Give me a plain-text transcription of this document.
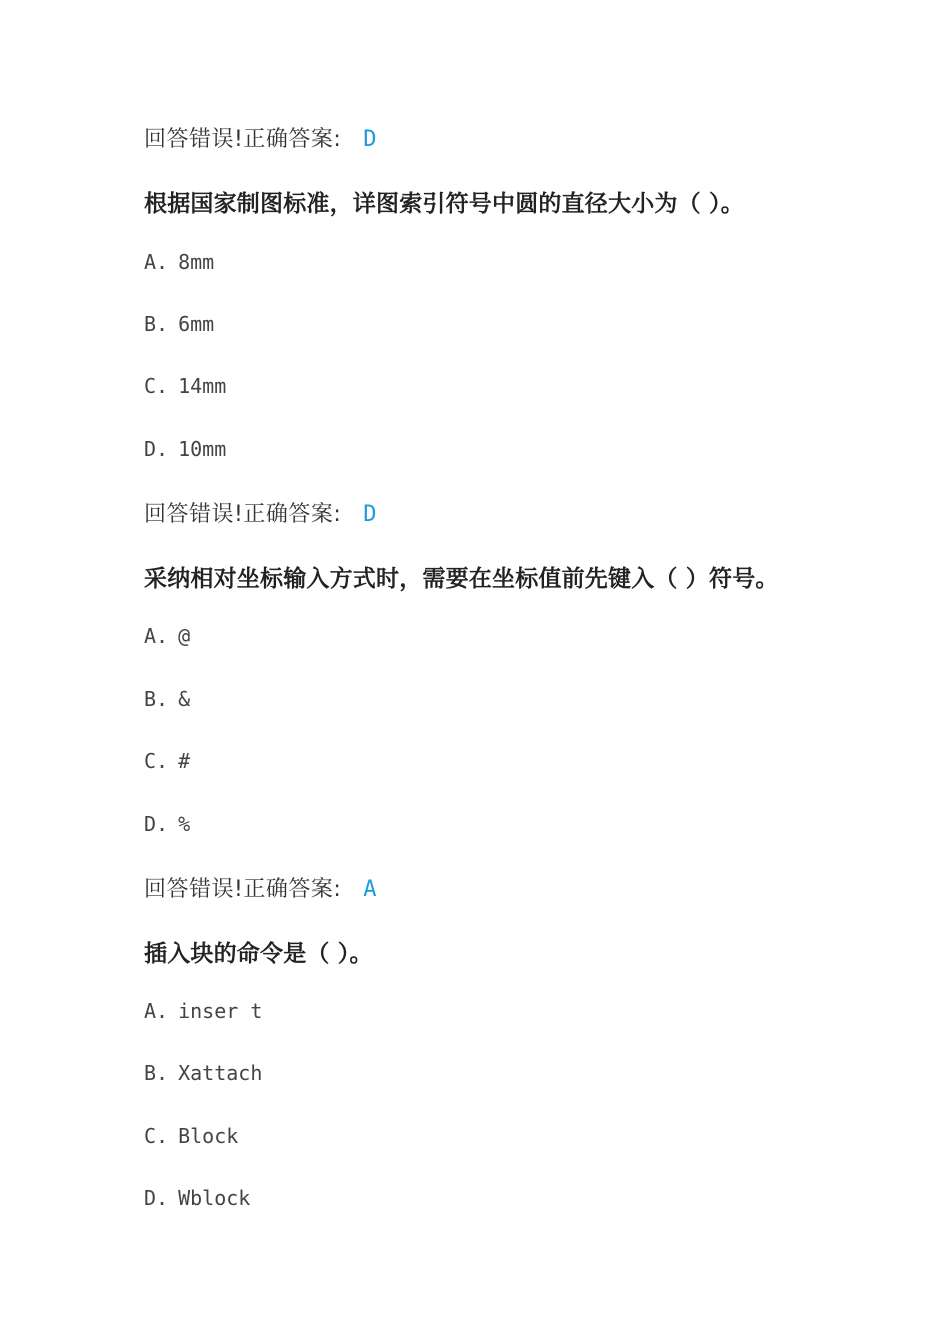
回答错误!正确答案: D
根据国家制图标准，详图索引符号中圆的直径大小为（ ）。
A. 8mm
B. 6mm
C. 14mm
D. 10mm
回答错误!正确答案: D
采纳相对坐标输入方式时，需要在坐标值前先键入（ ）符号。
A. @
B. &
C. #
D. %
回答错误!正确答案: A
插入块的命令是（ ）。
A. inser t
B. Xattach
C. Block
D. Wblock
